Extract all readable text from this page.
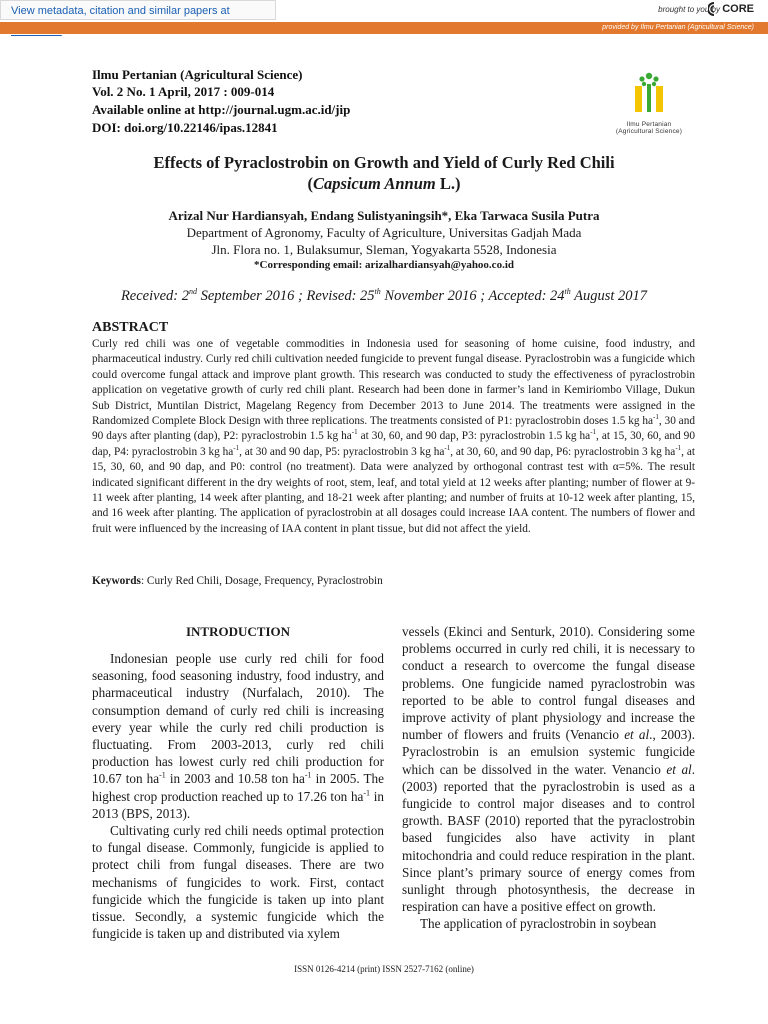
View metadata, citation and similar papers at	brought to you by CORE
provided by Ilmu Pertanian (Agricultural Science)
Ilmu Pertanian (Agricultural Science)
Vol. 2 No. 1 April, 2017 : 009-014
Available online at http://journal.ugm.ac.id/jip
DOI: doi.org/10.22146/ipas.12841	Ilmu Pertanian
(Agricultural Science)
Effects of Pyraclostrobin on Growth and Yield of Curly Red Chili
(Capsicum Annum L.)
Arizal Nur Hardiansyah, Endang Sulistyaningsih*, Eka Tarwaca Susila Putra
Department of Agronomy, Faculty of Agriculture, Universitas Gadjah Mada
Jln. Flora no. 1, Bulaksumur, Sleman, Yogyakarta 5528, Indonesia
*Corresponding email: arizalhardiansyah@yahoo.co.id
Received: 2nd September 2016 ; Revised: 25th November 2016 ; Accepted: 24th August 2017
ABSTRACT
Curly red chili was one of vegetable commodities in Indonesia used for seasoning of home cuisine, food industry, and pharmaceutical industry. Curly red chili cultivation needed fungicide to prevent fungal disease. Pyraclostrobin was a fungicide which could overcome fungal attack and improve plant growth. This research was conducted to study the effectiveness of pyraclostrobin application on vegetative growth of curly red chili plant. Research had been done in farmer’s land in Kemiriombo Village, Dukun Sub District, Muntilan District, Magelang Regency from December 2013 to June 2014. The treatments were assigned in the Randomized Complete Block Design with three replications. The treatments consisted of P1: pyraclostrobin doses 1.5 kg $ha^{-1}$, 30 and 90 days after planting (dap), P2: pyraclostrobin 1.5 kg $ha^{-1}$ at 30, 60, and 90 dap, P3: pyraclostrobin 1.5 kg $ha^{-1}$, at 15, 30, 60, and 90 dap, P4: pyraclostrobin 3 kg $ha^{-1}$, at 30 and 90 dap, P5: pyraclostrobin 3 kg $ha^{-1}$, at 30, 60, and 90 dap, P6: pyraclostrobin 3 kg $ha^{-1}$, at 15, 30, 60, and 90 dap, and P0: control (no treatment). Data were analyzed by orthogonal contrast test with α=5%. The result indicated significant different in the dry weights of root, stem, leaf, and total yield at 12 weeks after planting; number of flower at 9-11 week after planting, 14 week after planting, and 18-21 week after planting; and number of fruits at 10-12 week after planting, 15, and 16 week after planting. The application of pyraclostrobin at all dosages could increase IAA content. The numbers of flower and fruit were influenced by the increasing of IAA content in plant tissue, but did not affect the yield.
Keywords: Curly Red Chili, Dosage, Frequency, Pyraclostrobin
INTRODUCTION

Indonesian people use curly red chili for food seasoning, food seasoning industry, food industry, and pharmaceutical industry (Nurfalach, 2010). The consumption demand of curly red chili is increasing every year while the curly red chili production is fluctuating. From 2003-2013, curly red chili production has lowest curly red chili production for 10.67 ton $ha^{-1}$ in 2003 and 10.58 ton $ha^{-1}$ in 2005. The highest crop production reached up to 17.26 ton $ha^{-1}$ in 2013 (BPS, 2013).

Cultivating curly red chili needs optimal protection to fungal disease. Commonly, fungicide is applied to protect chili from fungal diseases. There are two mechanisms of fungicides to work. First, contact fungicide which the fungicide is taken up into plant tissue. Secondly, a systemic fungicide which the fungicide is taken up and distributed via xylem

vessels (Ekinci and Senturk, 2010). Considering some problems occurred in curly red chili, it is necessary to conduct a research to overcome the fungal disease problems. One fungicide named pyraclostrobin was reported to be able to control fungal diseases and improve activity of plant physiology and increase the number of flowers and fruits (Venancio et al., 2003). Pyraclostrobin is an emulsion systemic fungicide which can be dissolved in the water. Venancio et al. (2003) reported that the pyraclostrobin is used as a fungicide to control major diseases and to control growth. BASF (2010) reported that the pyraclostrobin based fungicides also have activity in plant mitochondria and could reduce respiration in the plant. Since plant’s primary source of energy comes from sunlight through photosynthesis, the decrease in respiration can have a positive effect on growth.

The application of pyraclostrobin in soybean

ISSN 0126-4214 (print) ISSN 2527-7162 (online)
